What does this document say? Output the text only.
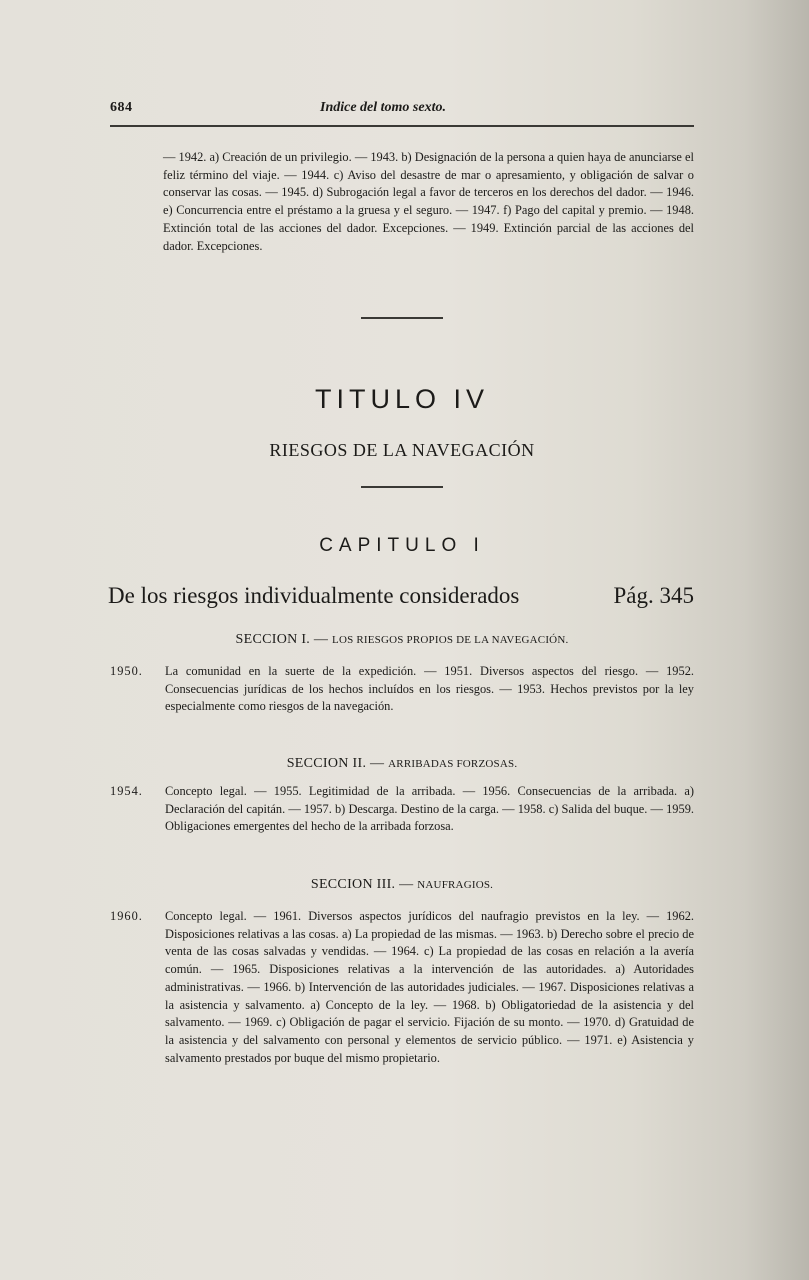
684	Indice del tomo sexto.
— 1942. a) Creación de un privilegio. — 1943. b) Designación de la persona a quien haya de anunciarse el feliz término del viaje. — 1944. c) Aviso del desastre de mar o apresamiento, y obligación de salvar o conservar las cosas. — 1945. d) Subrogación legal a favor de terceros en los derechos del dador. — 1946. e) Concurrencia entre el préstamo a la gruesa y el seguro. — 1947. f) Pago del capital y premio. — 1948. Extinción total de las acciones del dador. Excepciones. — 1949. Extinción parcial de las acciones del dador. Excepciones.
TITULO IV
RIESGOS DE LA NAVEGACIÓN
CAPITULO I
De los riesgos individualmente considerados	Pág. 345
SECCION I. — LOS RIESGOS PROPIOS DE LA NAVEGACIÓN.
1950. La comunidad en la suerte de la expedición. — 1951. Diversos aspectos del riesgo. — 1952. Consecuencias jurídicas de los hechos incluídos en los riesgos. — 1953. Hechos previstos por la ley especialmente como riesgos de la navegación.
SECCION II. — ARRIBADAS FORZOSAS.
1954. Concepto legal. — 1955. Legitimidad de la arribada. — 1956. Consecuencias de la arribada. a) Declaración del capitán. — 1957. b) Descarga. Destino de la carga. — 1958. c) Salida del buque. — 1959. Obligaciones emergentes del hecho de la arribada forzosa.
SECCION III. — NAUFRAGIOS.
1960. Concepto legal. — 1961. Diversos aspectos jurídicos del naufragio previstos en la ley. — 1962. Disposiciones relativas a las cosas. a) La propiedad de las mismas. — 1963. b) Derecho sobre el precio de venta de las cosas salvadas y vendidas. — 1964. c) La propiedad de las cosas en relación a la avería común. — 1965. Disposiciones relativas a la intervención de las autoridades. a) Autoridades administrativas. — 1966. b) Intervención de las autoridades judiciales. — 1967. Disposiciones relativas a la asistencia y salvamento. a) Concepto de la ley. — 1968. b) Obligatoriedad de la asistencia y del salvamento. — 1969. c) Obligación de pagar el servicio. Fijación de su monto. — 1970. d) Gratuidad de la asistencia y del salvamento con personal y elementos de servicio público. — 1971. e) Asistencia y salvamento prestados por buque del mismo propietario.
